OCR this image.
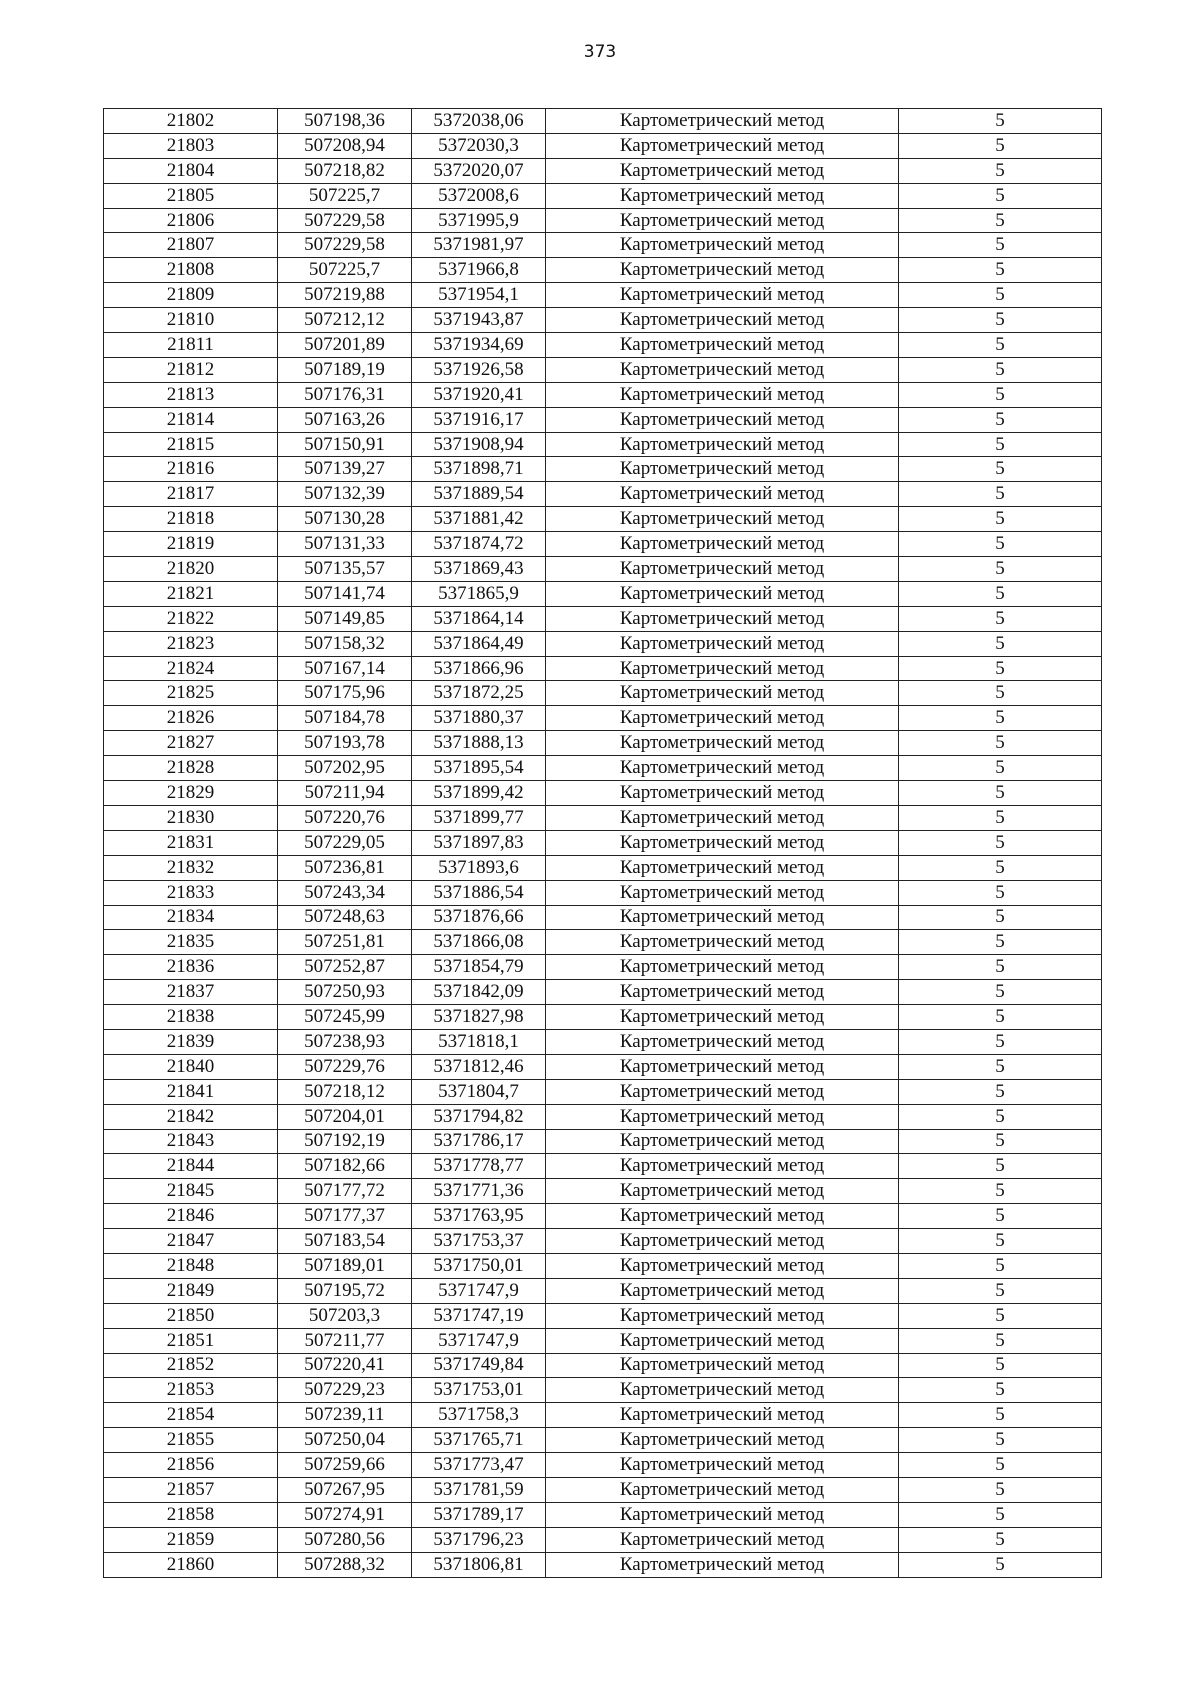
373
21802	507198,36	5372038,06	Картометрический метод	5
21803	507208,94	5372030,3	Картометрический метод	5
21804	507218,82	5372020,07	Картометрический метод	5
21805	507225,7	5372008,6	Картометрический метод	5
21806	507229,58	5371995,9	Картометрический метод	5
21807	507229,58	5371981,97	Картометрический метод	5
21808	507225,7	5371966,8	Картометрический метод	5
21809	507219,88	5371954,1	Картометрический метод	5
21810	507212,12	5371943,87	Картометрический метод	5
21811	507201,89	5371934,69	Картометрический метод	5
21812	507189,19	5371926,58	Картометрический метод	5
21813	507176,31	5371920,41	Картометрический метод	5
21814	507163,26	5371916,17	Картометрический метод	5
21815	507150,91	5371908,94	Картометрический метод	5
21816	507139,27	5371898,71	Картометрический метод	5
21817	507132,39	5371889,54	Картометрический метод	5
21818	507130,28	5371881,42	Картометрический метод	5
21819	507131,33	5371874,72	Картометрический метод	5
21820	507135,57	5371869,43	Картометрический метод	5
21821	507141,74	5371865,9	Картометрический метод	5
21822	507149,85	5371864,14	Картометрический метод	5
21823	507158,32	5371864,49	Картометрический метод	5
21824	507167,14	5371866,96	Картометрический метод	5
21825	507175,96	5371872,25	Картометрический метод	5
21826	507184,78	5371880,37	Картометрический метод	5
21827	507193,78	5371888,13	Картометрический метод	5
21828	507202,95	5371895,54	Картометрический метод	5
21829	507211,94	5371899,42	Картометрический метод	5
21830	507220,76	5371899,77	Картометрический метод	5
21831	507229,05	5371897,83	Картометрический метод	5
21832	507236,81	5371893,6	Картометрический метод	5
21833	507243,34	5371886,54	Картометрический метод	5
21834	507248,63	5371876,66	Картометрический метод	5
21835	507251,81	5371866,08	Картометрический метод	5
21836	507252,87	5371854,79	Картометрический метод	5
21837	507250,93	5371842,09	Картометрический метод	5
21838	507245,99	5371827,98	Картометрический метод	5
21839	507238,93	5371818,1	Картометрический метод	5
21840	507229,76	5371812,46	Картометрический метод	5
21841	507218,12	5371804,7	Картометрический метод	5
21842	507204,01	5371794,82	Картометрический метод	5
21843	507192,19	5371786,17	Картометрический метод	5
21844	507182,66	5371778,77	Картометрический метод	5
21845	507177,72	5371771,36	Картометрический метод	5
21846	507177,37	5371763,95	Картометрический метод	5
21847	507183,54	5371753,37	Картометрический метод	5
21848	507189,01	5371750,01	Картометрический метод	5
21849	507195,72	5371747,9	Картометрический метод	5
21850	507203,3	5371747,19	Картометрический метод	5
21851	507211,77	5371747,9	Картометрический метод	5
21852	507220,41	5371749,84	Картометрический метод	5
21853	507229,23	5371753,01	Картометрический метод	5
21854	507239,11	5371758,3	Картометрический метод	5
21855	507250,04	5371765,71	Картометрический метод	5
21856	507259,66	5371773,47	Картометрический метод	5
21857	507267,95	5371781,59	Картометрический метод	5
21858	507274,91	5371789,17	Картометрический метод	5
21859	507280,56	5371796,23	Картометрический метод	5
21860	507288,32	5371806,81	Картометрический метод	5
